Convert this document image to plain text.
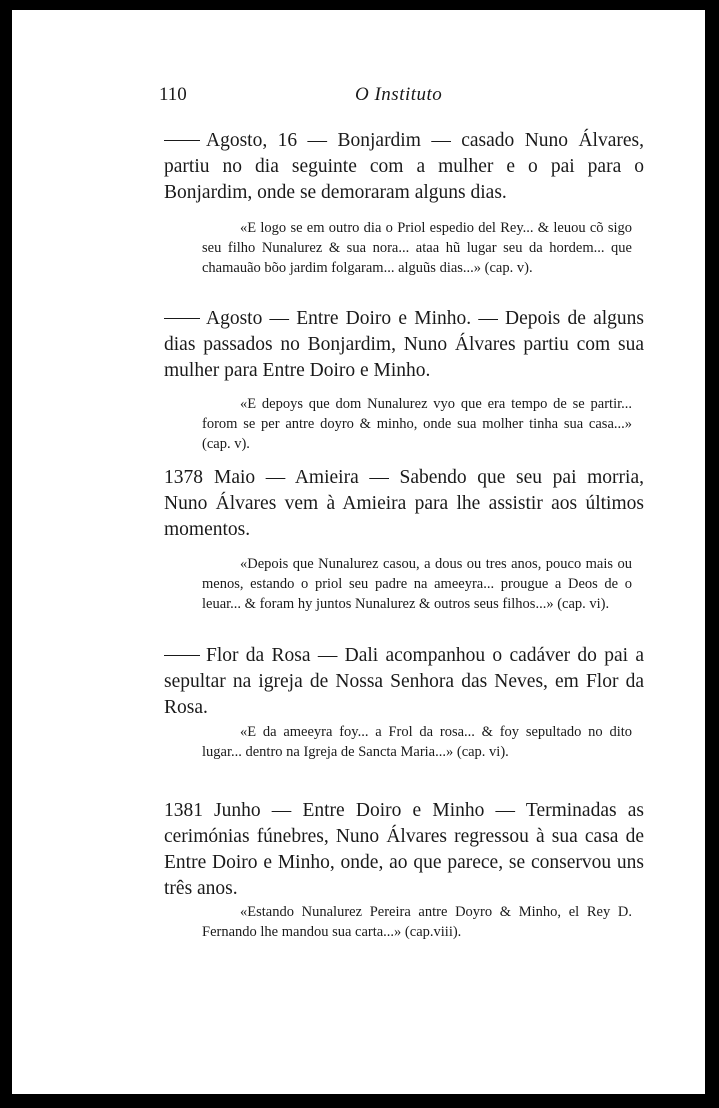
110	O Instituto
Agosto, 16 — Bonjardim — casado Nuno Álvares, partiu no dia seguinte com a mulher e o pai para o Bonjardim, onde se demoraram alguns dias.
«E logo se em outro dia o Priol espedio del Rey... & leuou cõ sigo seu filho Nunalurez & sua nora... ataa hũ lugar seu da hordem... que chamauão bõo jardim folgaram... alguũs dias...» (cap. v).
Agosto — Entre Doiro e Minho. — Depois de alguns dias passados no Bonjardim, Nuno Álvares partiu com sua mulher para Entre Doiro e Minho.
«E depoys que dom Nunalurez vyo que era tempo de se partir... forom se per antre doyro & minho, onde sua molher tinha sua casa...» (cap. v).
Maio — Amieira — Sabendo que seu pai morria, Nuno Álvares vem à Amieira para lhe assistir aos últimos momentos.
1378
«Depois que Nunalurez casou, a dous ou tres anos, pouco mais ou menos, estando o priol seu padre na ameeyra... prougue a Deos de o leuar... & foram hy juntos Nunalurez & outros seus filhos...» (cap. vi).
Flor da Rosa — Dali acompanhou o cadáver do pai a sepultar na igreja de Nossa Senhora das Neves, em Flor da Rosa.
«E da ameeyra foy... a Frol da rosa... & foy sepultado no dito lugar... dentro na Igreja de Sancta Maria...» (cap. vi).
Junho — Entre Doiro e Minho — Terminadas as cerimónias fúnebres, Nuno Álvares regressou à sua casa de Entre Doiro e Minho, onde, ao que parece, se conservou uns três anos.
1381
«Estando Nunalurez Pereira antre Doyro & Minho, el Rey D. Fernando lhe mandou sua carta...» (cap.viii).
